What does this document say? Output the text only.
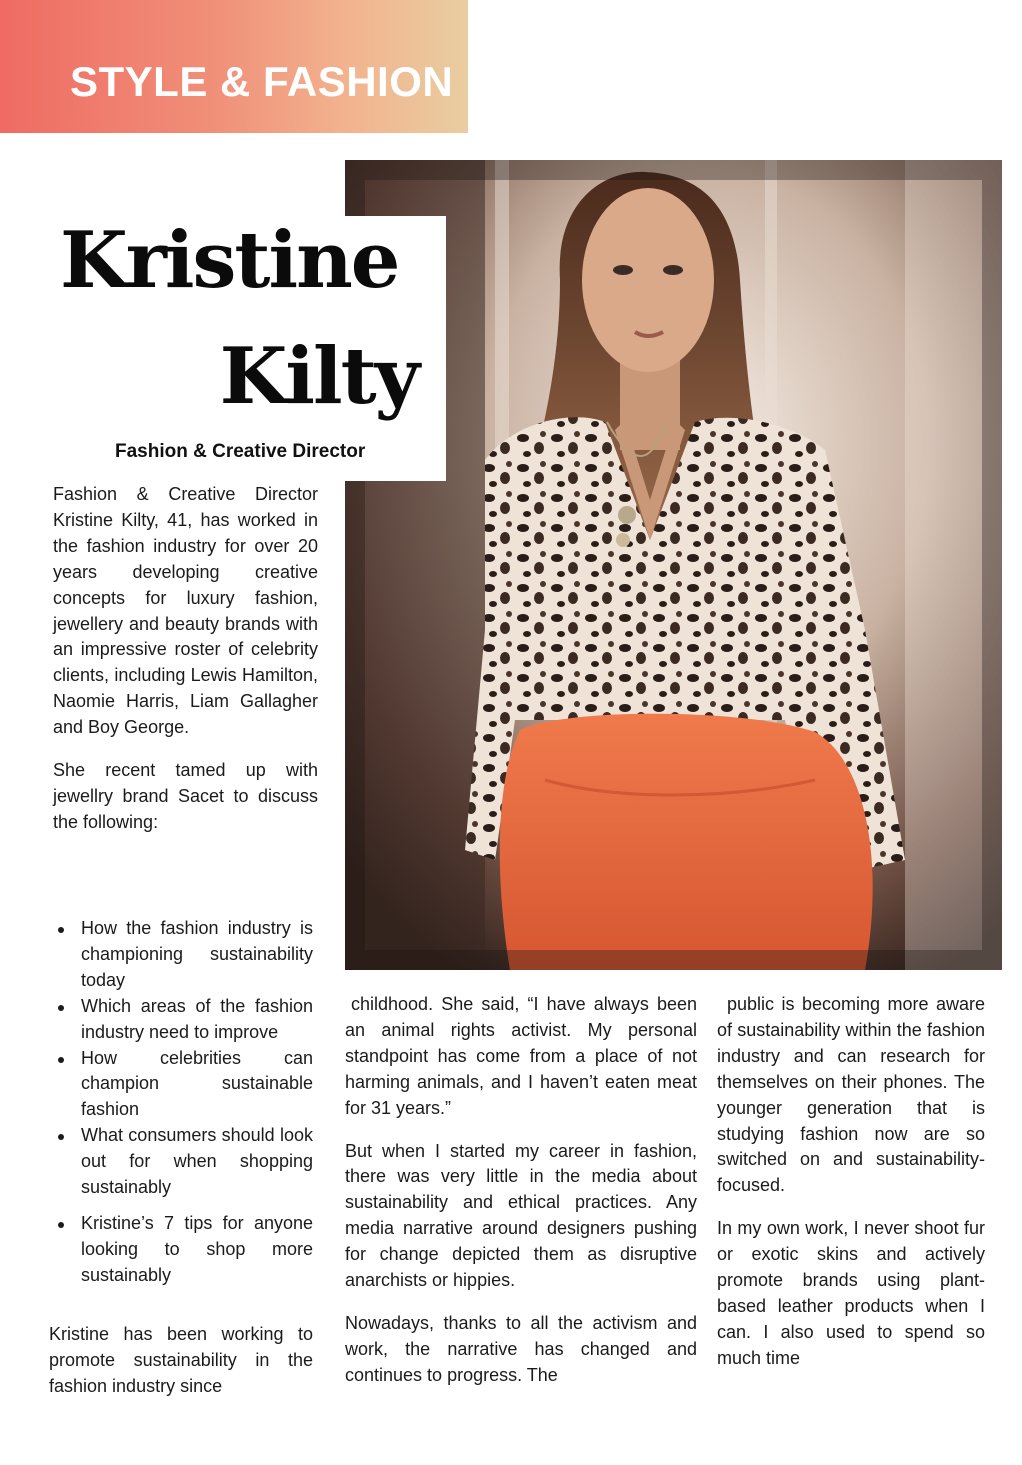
STYLE & FASHION
Kristine
Kilty
Fashion & Creative Director

Fashion & Creative Director Kristine Kilty, 41, has worked in the fashion industry for over 20 years developing creative concepts for luxury fashion, jewellery and beauty brands with an impressive roster of celebrity clients, including Lewis Hamilton, Naomie Harris, Liam Gallagher and Boy George.

She recent tamed up with jewellry brand Sacet to discuss the following:

How the fashion industry is championing sustainability today
Which areas of the fashion industry need to improve
How celebrities can champion sustainable fashion
What consumers should look out for when shopping sustainably
Kristine’s 7 tips for anyone looking to shop more sustainably

Kristine has been working to promote sustainability in the fashion industry since

childhood. She said, “I have always been an animal rights activist. My personal standpoint has come from a place of not harming animals, and I haven’t eaten meat for 31 years.”

But when I started my career in fashion, there was very little in the media about sustainability and ethical practices. Any media narrative around designers pushing for change depicted them as disruptive anarchists or hippies.

Nowadays, thanks to all the activism and work, the narrative has changed and continues to progress. The

public is becoming more aware of sustainability within the fashion industry and can research for themselves on their phones. The younger generation that is studying fashion now are so switched on and sustainability-focused.

In my own work, I never shoot fur or exotic skins and actively promote brands using plant-based leather products when I can. I also used to spend so much time
